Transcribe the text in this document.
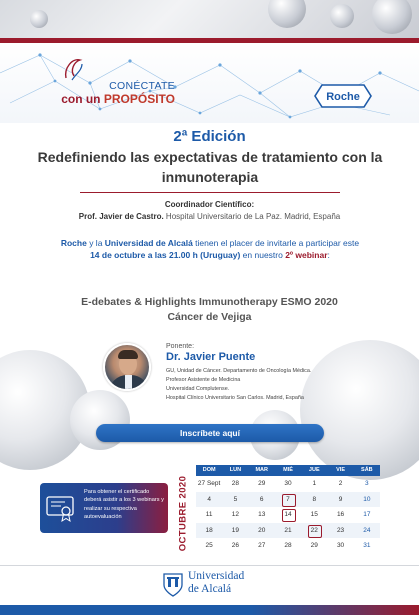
CONÉCTATE
con un PROPÓSITO	Roche
2ª Edición
Redefiniendo las expectativas de tratamiento con la inmunoterapia
Coordinador Científico:
Prof. Javier de Castro. Hospital Universitario de La Paz. Madrid, España
Roche y la Universidad de Alcalá tienen el placer de invitarle a participar este 14 de octubre a las 21.00 h (Uruguay) en nuestro 2º webinar:
E-debates & Highlights Immunotherapy ESMO 2020
Cáncer de Vejiga
Ponente:
Dr. Javier Puente
GU, Unidad de Cáncer. Departamento de Oncología Médica.
Profesor Asistente de Medicina
Universidad Complutense.
Hospital Clínico Universitario San Carlos. Madrid, España
Inscríbete aquí
Para obtener el certificado deberá asistir a los 3 webinars y realizar su respectiva autoevaluación	OCTUBRE 2020
DOM	LUN	MAR	MIÉ	JUE	VIE	SÁB
27 Sept	28	29	30	1	2	3
4	5	6	7	8	9	10
11	12	13	14	15	16	17
18	19	20	21	22	23	24
25	26	27	28	29	30	31
Universidad
de Alcalá
